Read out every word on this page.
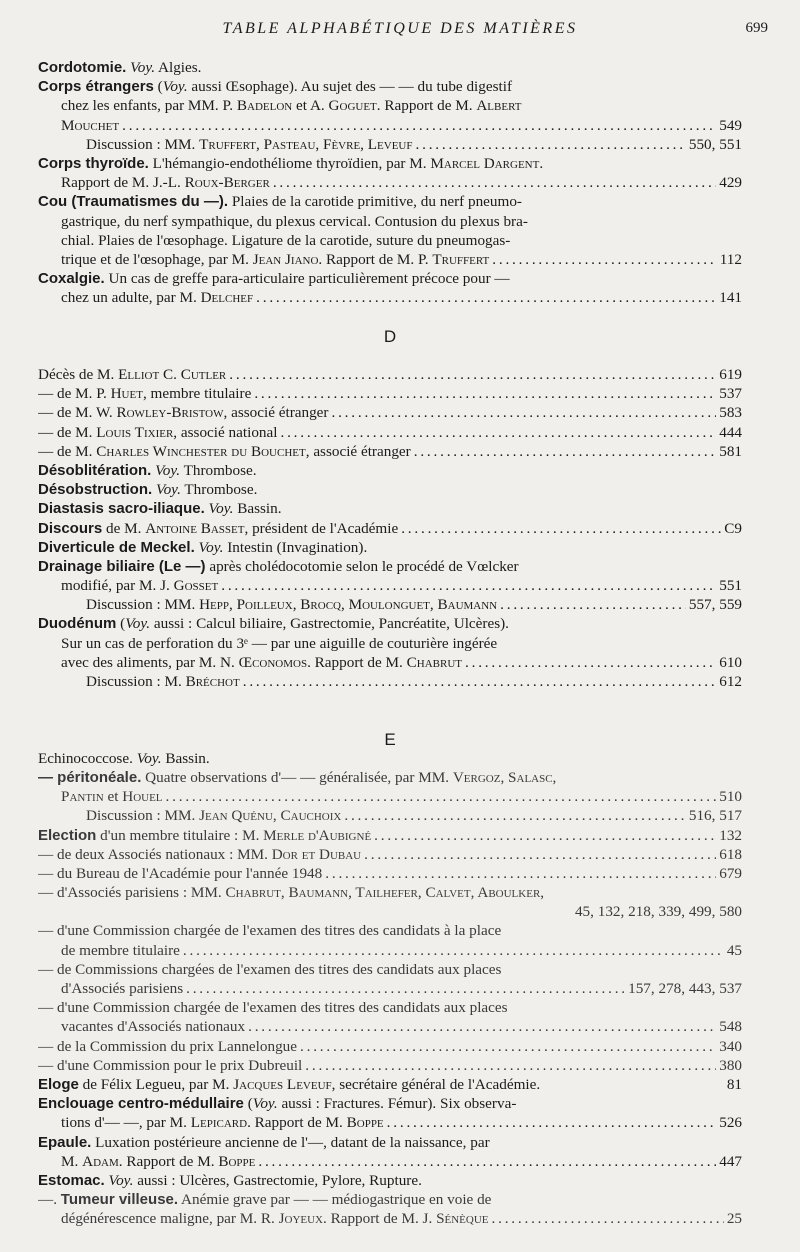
TABLE ALPHABÉTIQUE DES MATIÈRES	699
Cordotomie. Voy. Algies.
Corps étrangers (Voy. aussi Œsophage). Au sujet des — — du tube digestif
chez les enfants, par MM. P. Badelon et A. Goguet. Rapport de M. Albert
Mouchet . . .	549
Discussion : MM. Truffert, Pasteau, Fèvre, Leveuf . . .	550, 551
Corps thyroïde. L'hémangio-endothéliome thyroïdien, par M. Marcel Dargent.
Rapport de M. J.-L. Roux-Berger . . .	429
Cou (Traumatismes du —). Plaies de la carotide primitive, du nerf pneumo-
gastrique, du nerf sympathique, du plexus cervical. Contusion du plexus bra-
chial. Plaies de l'œsophage. Ligature de la carotide, suture du pneumogas-
trique et de l'œsophage, par M. Jean Jiano. Rapport de M. P. Truffert . . .	112
Coxalgie. Un cas de greffe para-articulaire particulièrement précoce pour —
chez un adulte, par M. Delchef . . .	141
D
Décès de M. Elliot C. Cutler . . .	619
— de M. P. Huet, membre titulaire . . .	537
— de M. W. Rowley-Bristow, associé étranger . . .	583
— de M. Louis Tixier, associé national . . .	444
— de M. Charles Winchester du Bouchet, associé étranger . . .	581
Désoblitération. Voy. Thrombose.
Désobstruction. Voy. Thrombose.
Diastasis sacro-iliaque. Voy. Bassin.
Discours de M. Antoine Basset, président de l'Académie . . .	C9
Diverticule de Meckel. Voy. Intestin (Invagination).
Drainage biliaire (Le —) après cholédocotomie selon le procédé de Vœlcker
modifié, par M. J. Gosset . . .	551
Discussion : MM. Hepp, Poilleux, Brocq, Moulonguet, Baumann . . .	557, 559
Duodénum (Voy. aussi : Calcul biliaire, Gastrectomie, Pancréatite, Ulcères).
Sur un cas de perforation du 3ᵉ — par une aiguille de couturière ingérée
avec des aliments, par M. N. Œconomos. Rapport de M. Chabrut . . .	610
Discussion : M. Bréchot . . .	612
E
Echinococcose. Voy. Bassin.
— péritonéale. Quatre observations d'— — généralisée, par MM. Vergoz, Salasc,
Pantin et Houel . . .	510
Discussion : MM. Jean Quénu, Cauchoix . . .	516, 517
Election d'un membre titulaire : M. Merle d'Aubigné . . .	132
— de deux Associés nationaux : MM. Dor et Dubau . . .	618
— du Bureau de l'Académie pour l'année 1948 . . .	679
— d'Associés parisiens : MM. Chabrut, Baumann, Tailhefer, Calvet, Aboulker,
45, 132, 218, 339, 499, 580
— d'une Commission chargée de l'examen des titres des candidats à la place
de membre titulaire . . .	45
— de Commissions chargées de l'examen des titres des candidats aux places
d'Associés parisiens . . .	157, 278, 443, 537
— d'une Commission chargée de l'examen des titres des candidats aux places
vacantes d'Associés nationaux . . .	548
— de la Commission du prix Lannelongue . . .	340
— d'une Commission pour le prix Dubreuil . . .	380
Eloge de Félix Legueu, par M. Jacques Leveuf, secrétaire général de l'Académie.	81
Enclouage centro-médullaire (Voy. aussi : Fractures. Fémur). Six observa-
tions d'— —, par M. Lepicard. Rapport de M. Boppe . . .	526
Epaule. Luxation postérieure ancienne de l'—, datant de la naissance, par
M. Adam. Rapport de M. Boppe . . .	447
Estomac. Voy. aussi : Ulcères, Gastrectomie, Pylore, Rupture.
—. Tumeur villeuse. Anémie grave par — — médiogastrique en voie de
dégénérescence maligne, par M. R. Joyeux. Rapport de M. J. Sénèque . . .	25
